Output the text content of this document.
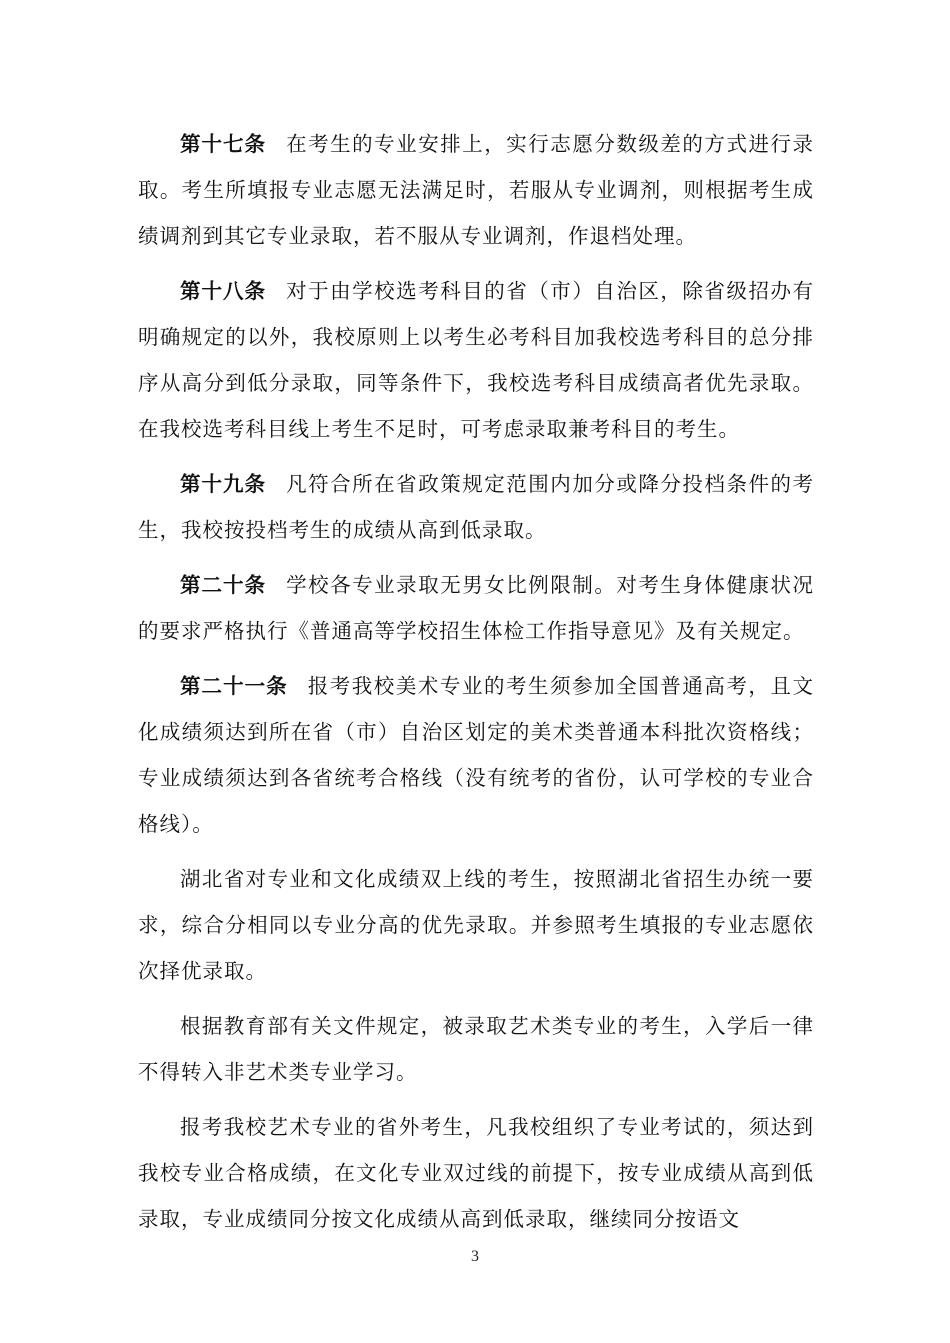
第十七条 在考生的专业安排上，实行志愿分数级差的方式进行录取。考生所填报专业志愿无法满足时，若服从专业调剂，则根据考生成绩调剂到其它专业录取，若不服从专业调剂，作退档处理。

第十八条 对于由学校选考科目的省（市）自治区，除省级招办有明确规定的以外，我校原则上以考生必考科目加我校选考科目的总分排序从高分到低分录取，同等条件下，我校选考科目成绩高者优先录取。在我校选考科目线上考生不足时，可考虑录取兼考科目的考生。

第十九条 凡符合所在省政策规定范围内加分或降分投档条件的考生，我校按投档考生的成绩从高到低录取。

第二十条 学校各专业录取无男女比例限制。对考生身体健康状况的要求严格执行《普通高等学校招生体检工作指导意见》及有关规定。

第二十一条 报考我校美术专业的考生须参加全国普通高考，且文化成绩须达到所在省（市）自治区划定的美术类普通本科批次资格线；专业成绩须达到各省统考合格线（没有统考的省份，认可学校的专业合格线）。

湖北省对专业和文化成绩双上线的考生，按照湖北省招生办统一要求，综合分相同以专业分高的优先录取。并参照考生填报的专业志愿依次择优录取。

根据教育部有关文件规定，被录取艺术类专业的考生，入学后一律不得转入非艺术类专业学习。

报考我校艺术专业的省外考生，凡我校组织了专业考试的，须达到我校专业合格成绩，在文化专业双过线的前提下，按专业成绩从高到低录取，专业成绩同分按文化成绩从高到低录取，继续同分按语文

3
